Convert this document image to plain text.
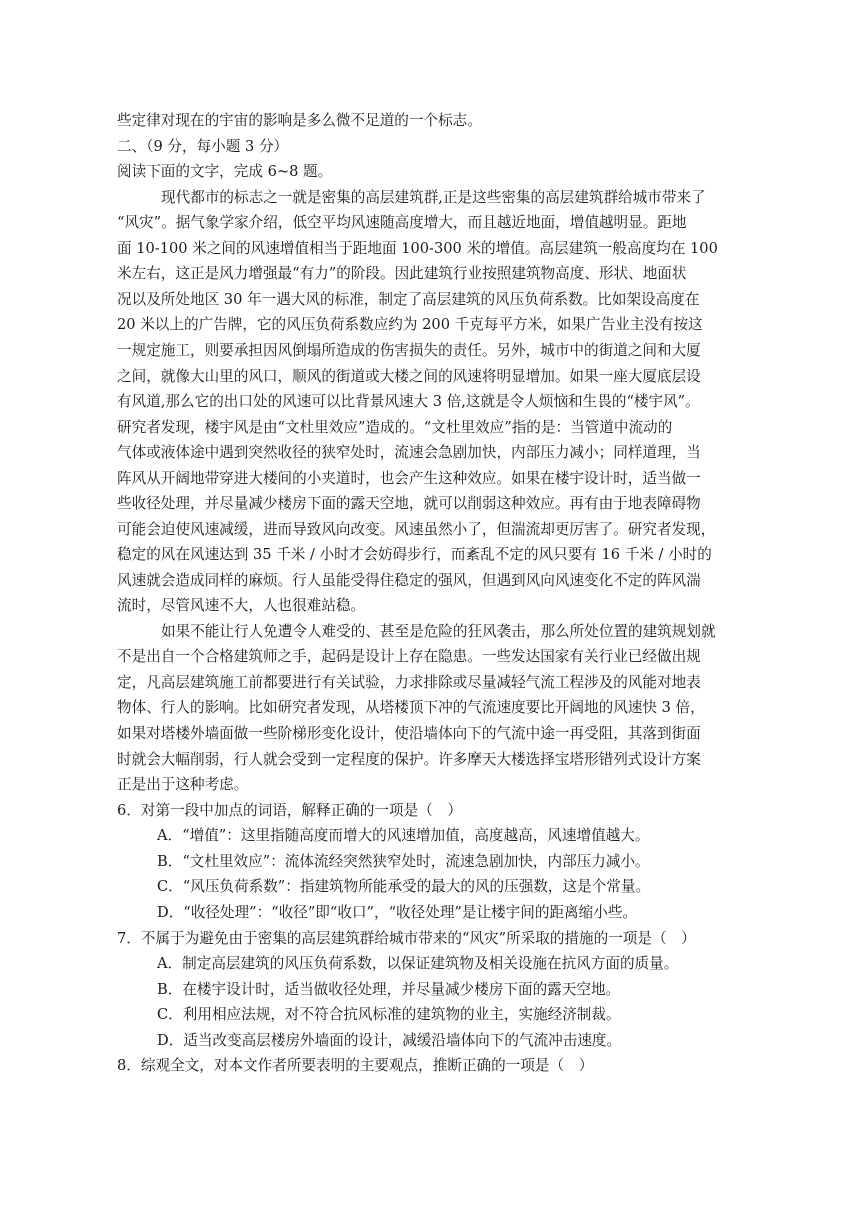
些定律对现在的宇宙的影响是多么微不足道的一个标志。
二、（9 分，每小题 3 分）
阅读下面的文字，完成 6~8 题。
现代都市的标志之一就是密集的高层建筑群,正是这些密集的高层建筑群给城市带来了
“风灾”。据气象学家介绍，低空平均风速随高度增大，而且越近地面，增值越明显。距地
面 10-100 米之间的风速增值相当于距地面 100-300 米的增值。高层建筑一般高度均在 100
米左右，这正是风力增强最“有力”的阶段。因此建筑行业按照建筑物高度、形状、地面状
况以及所处地区 30 年一遇大风的标准，制定了高层建筑的风压负荷系数。比如架设高度在
20 米以上的广告牌，它的风压负荷系数应约为 200 千克每平方米，如果广告业主没有按这
一规定施工，则要承担因风倒塌所造成的伤害损失的责任。另外，城市中的街道之间和大厦
之间，就像大山里的风口，顺风的街道或大楼之间的风速将明显增加。如果一座大厦底层设
有风道,那么它的出口处的风速可以比背景风速大 3 倍,这就是令人烦恼和生畏的“楼宇风”。
研究者发现，楼宇风是由“文杜里效应”造成的。“文杜里效应”指的是：当管道中流动的
气体或液体途中遇到突然收径的狭窄处时，流速会急剧加快，内部压力减小；同样道理，当
阵风从开阔地带穿进大楼间的小夹道时，也会产生这种效应。如果在楼宇设计时，适当做一
些收径处理，并尽量减少楼房下面的露天空地，就可以削弱这种效应。再有由于地表障碍物
可能会迫使风速减缓，进而导致风向改变。风速虽然小了，但湍流却更厉害了。研究者发现，
稳定的风在风速达到 35 千米 / 小时才会妨碍步行，而紊乱不定的风只要有 16 千米 / 小时的
风速就会造成同样的麻烦。行人虽能受得住稳定的强风，但遇到风向风速变化不定的阵风湍
流时，尽管风速不大，人也很难站稳。
如果不能让行人免遭令人难受的、甚至是危险的狂风袭击，那么所处位置的建筑规划就
不是出自一个合格建筑师之手，起码是设计上存在隐患。一些发达国家有关行业已经做出规
定，凡高层建筑施工前都要进行有关试验，力求排除或尽量减轻气流工程涉及的风能对地表
物体、行人的影响。比如研究者发现，从塔楼顶下冲的气流速度要比开阔地的风速快 3 倍，
如果对塔楼外墙面做一些阶梯形变化设计，使沿墙体向下的气流中途一再受阻，其落到街面
时就会大幅削弱，行人就会受到一定程度的保护。许多摩天大楼选择宝塔形错列式设计方案
正是出于这种考虑。
6．对第一段中加点的词语，解释正确的一项是（　）
A．“增值”：这里指随高度而增大的风速增加值，高度越高，风速增值越大。
B．“文杜里效应”：流体流经突然狭窄处时，流速急剧加快，内部压力减小。
C．“风压负荷系数”：指建筑物所能承受的最大的风的压强数，这是个常量。
D．“收径处理”：“收径”即“收口”，“收径处理”是让楼宇间的距离缩小些。
7．不属于为避免由于密集的高层建筑群给城市带来的“风灾”所采取的措施的一项是（　）
A．制定高层建筑的风压负荷系数，以保证建筑物及相关设施在抗风方面的质量。
B．在楼宇设计时，适当做收径处理，并尽量减少楼房下面的露天空地。
C．利用相应法规，对不符合抗风标准的建筑物的业主，实施经济制裁。
D．适当改变高层楼房外墙面的设计，减缓沿墙体向下的气流冲击速度。
8．综观全文，对本文作者所要表明的主要观点，推断正确的一项是（　）
